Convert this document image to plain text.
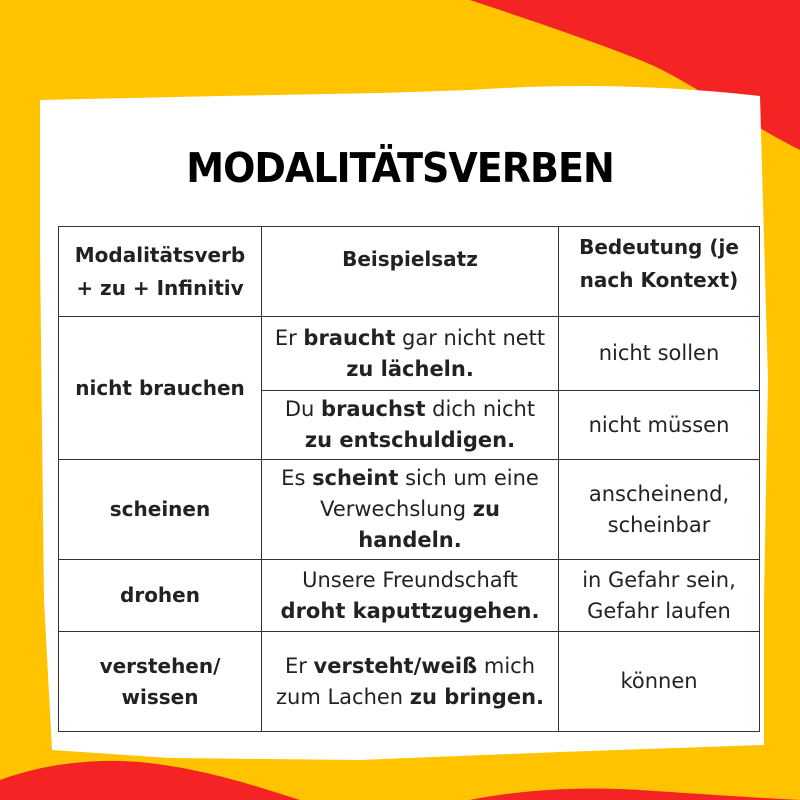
MODALITÄTSVERBEN
Modalitätsverb + zu + Infinitiv	Beispielsatz	Bedeutung (je nach Kontext)
nicht brauchen	Er braucht gar nicht nett zu lächeln.	nicht sollen
	Du brauchst dich nicht zu entschuldigen.	nicht müssen
scheinen	Es scheint sich um eine Verwechslung zu handeln.	anscheinend, scheinbar
drohen	Unsere Freundschaft droht kaputtzugehen.	in Gefahr sein, Gefahr laufen
verstehen/ wissen	Er versteht/weiß mich zum Lachen zu bringen.	können
